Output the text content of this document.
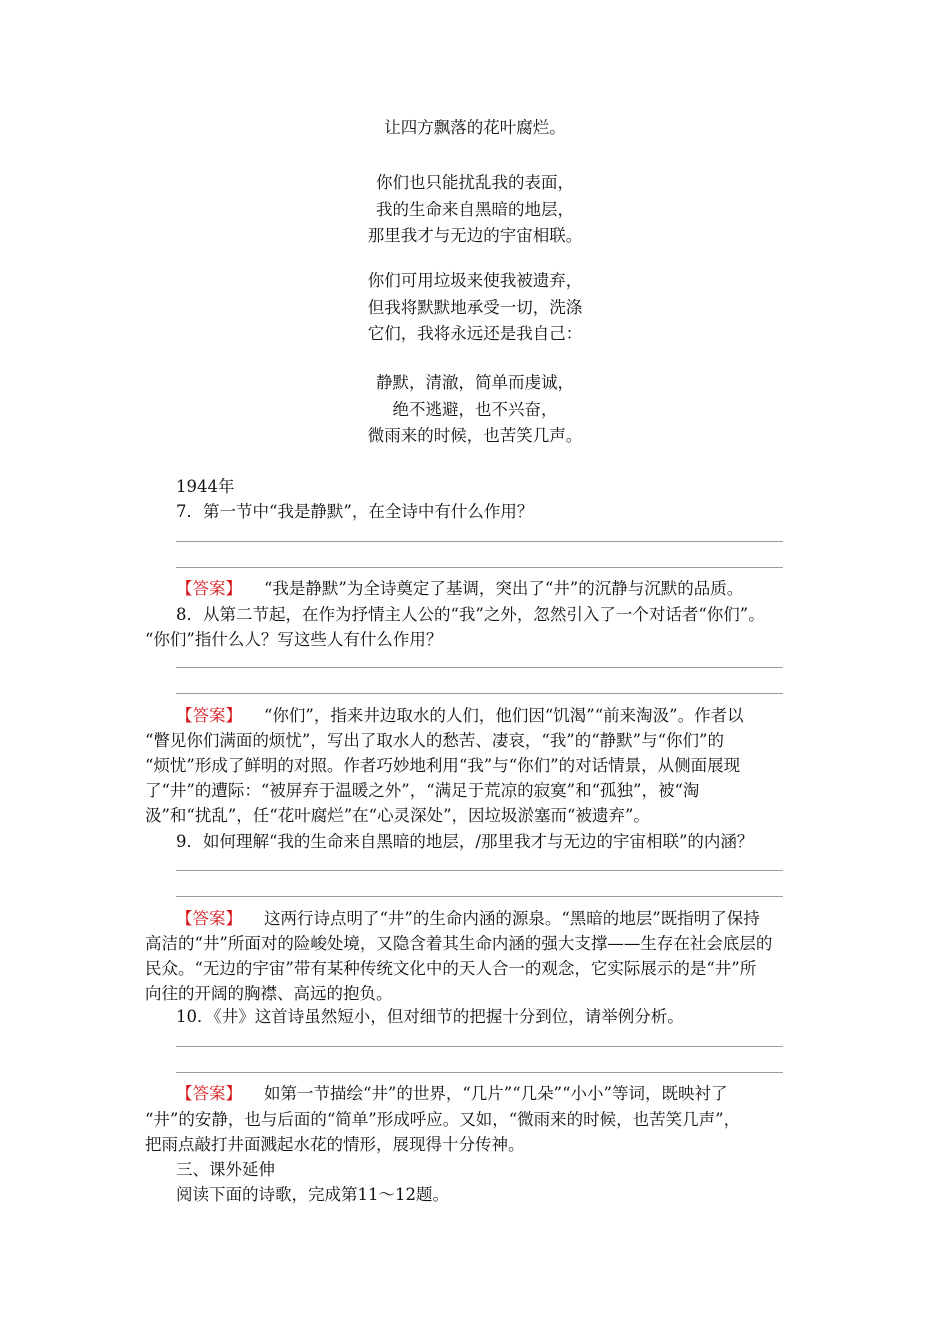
让四方飘落的花叶腐烂。
你们也只能扰乱我的表面，
我的生命来自黑暗的地层，
那里我才与无边的宇宙相联。
你们可用垃圾来使我被遗弃，
但我将默默地承受一切，洗涤
它们，我将永远还是我自己：
静默，清澈，简单而虔诚，
绝不逃避，也不兴奋，
微雨来的时候，也苦笑几声。
1944年
7．第一节中“我是静默”，在全诗中有什么作用？
【答案】 “我是静默”为全诗奠定了基调，突出了“井”的沉静与沉默的品质。
8．从第二节起，在作为抒情主人公的“我”之外，忽然引入了一个对话者“你们”。
“你们”指什么人？写这些人有什么作用？
【答案】 “你们”，指来井边取水的人们，他们因“饥渴”“前来淘汲”。作者以
“瞥见你们满面的烦忧”，写出了取水人的愁苦、凄哀，“我”的“静默”与“你们”的
“烦忧”形成了鲜明的对照。作者巧妙地利用“我”与“你们”的对话情景，从侧面展现
了“井”的遭际：“被屏弃于温暖之外”，“满足于荒凉的寂寞”和“孤独”，被“淘
汲”和“扰乱”，任“花叶腐烂”在“心灵深处”，因垃圾淤塞而“被遗弃”。
9．如何理解“我的生命来自黑暗的地层，/那里我才与无边的宇宙相联”的内涵？
【答案】 这两行诗点明了“井”的生命内涵的源泉。“黑暗的地层”既指明了保持
高洁的“井”所面对的险峻处境，又隐含着其生命内涵的强大支撑——生存在社会底层的
民众。“无边的宇宙”带有某种传统文化中的天人合一的观念，它实际展示的是“井”所
向往的开阔的胸襟、高远的抱负。
10．《井》这首诗虽然短小，但对细节的把握十分到位，请举例分析。
【答案】 如第一节描绘“井”的世界，“几片”“几朵”“小小”等词，既映衬了
“井”的安静，也与后面的“简单”形成呼应。又如，“微雨来的时候，也苦笑几声”，
把雨点敲打井面溅起水花的情形，展现得十分传神。
三、课外延伸
阅读下面的诗歌，完成第11～12题。
